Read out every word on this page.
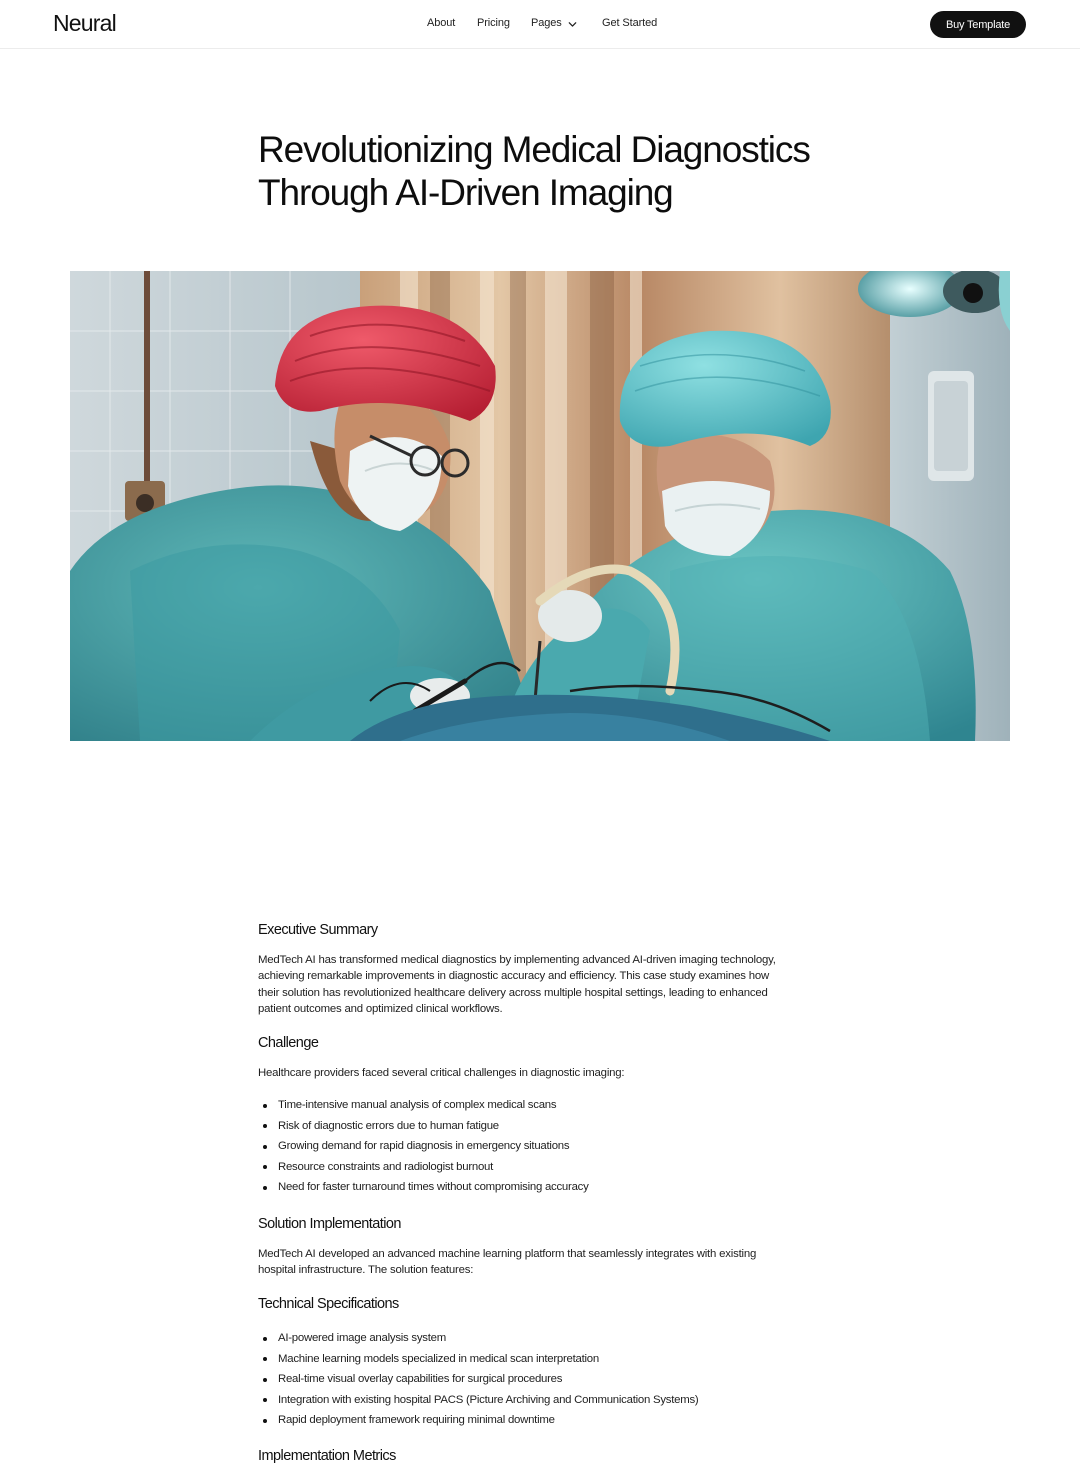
Neural	About Pricing Pages	Get Started	Buy Template
Revolutionizing Medical Diagnostics
Through AI-Driven Imaging
Executive Summary

MedTech AI has transformed medical diagnostics by implementing advanced AI-driven imaging technology,
achieving remarkable improvements in diagnostic accuracy and efficiency. This case study examines how
their solution has revolutionized healthcare delivery across multiple hospital settings, leading to enhanced
patient outcomes and optimized clinical workflows.

Challenge

Healthcare providers faced several critical challenges in diagnostic imaging:

Time-intensive manual analysis of complex medical scans
Risk of diagnostic errors due to human fatigue
Growing demand for rapid diagnosis in emergency situations
Resource constraints and radiologist burnout
Need for faster turnaround times without compromising accuracy
Solution Implementation

MedTech AI developed an advanced machine learning platform that seamlessly integrates with existing
hospital infrastructure. The solution features:

Technical Specifications
AI-powered image analysis system
Machine learning models specialized in medical scan interpretation
Real-time visual overlay capabilities for surgical procedures
Integration with existing hospital PACS (Picture Archiving and Communication Systems)
Rapid deployment framework requiring minimal downtime
Implementation Metrics
